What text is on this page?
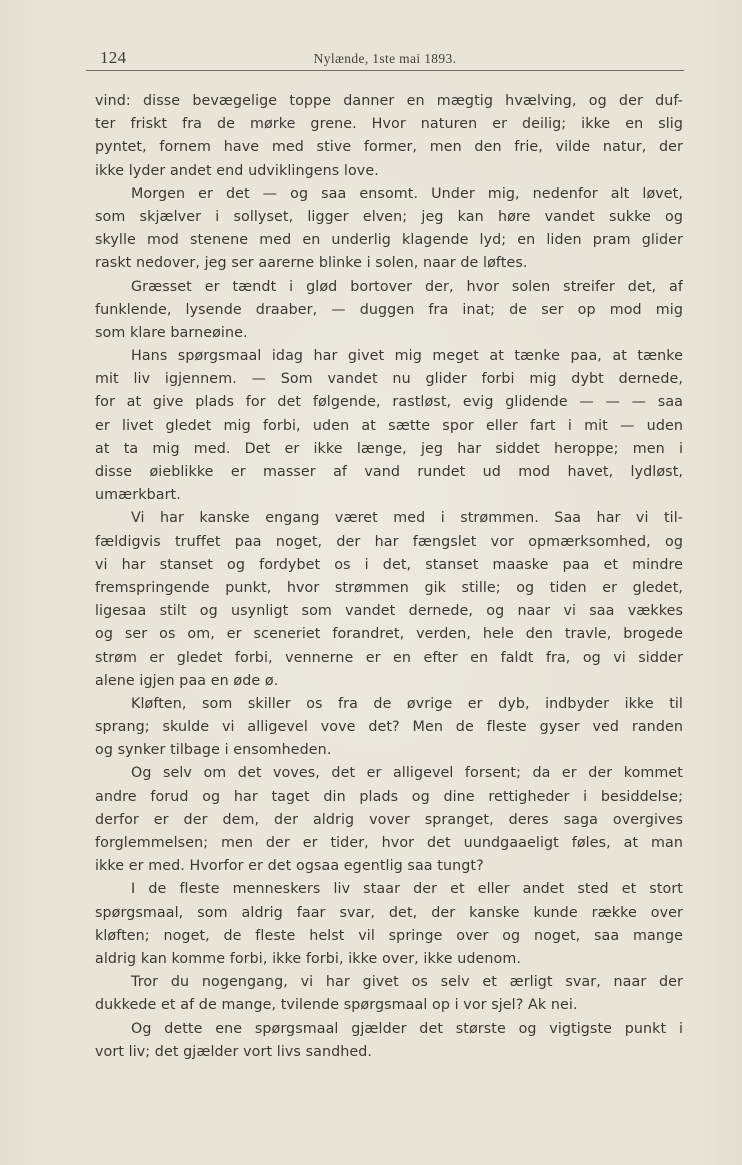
124	Nylænde, 1ste mai 1893.
vind: disse bevægelige toppe danner en mægtig hvælving, og der duf-
ter friskt fra de mørke grene. Hvor naturen er deilig; ikke en slig
pyntet, fornem have med stive former, men den frie, vilde natur, der
ikke lyder andet end udviklingens love.
Morgen er det — og saa ensomt. Under mig, nedenfor alt løvet,
som skjælver i sollyset, ligger elven; jeg kan høre vandet sukke og
skylle mod stenene med en underlig klagende lyd; en liden pram glider
raskt nedover, jeg ser aarerne blinke i solen, naar de løftes.
Græsset er tændt i glød bortover der, hvor solen streifer det, af
funklende, lysende draaber, — duggen fra inat; de ser op mod mig
som klare barneøine.
Hans spørgsmaal idag har givet mig meget at tænke paa, at tænke
mit liv igjennem. — Som vandet nu glider forbi mig dybt dernede,
for at give plads for det følgende, rastløst, evig glidende — — — saa
er livet gledet mig forbi, uden at sætte spor eller fart i mit — uden
at ta mig med. Det er ikke længe, jeg har siddet heroppe; men i
disse øieblikke er masser af vand rundet ud mod havet, lydløst,
umærkbart.
Vi har kanske engang været med i strømmen. Saa har vi til-
fældigvis truffet paa noget, der har fængslet vor opmærksomhed, og
vi har stanset og fordybet os i det, stanset maaske paa et mindre
fremspringende punkt, hvor strømmen gik stille; og tiden er gledet,
ligesaa stilt og usynligt som vandet dernede, og naar vi saa vækkes
og ser os om, er sceneriet forandret, verden, hele den travle, brogede
strøm er gledet forbi, vennerne er en efter en faldt fra, og vi sidder
alene igjen paa en øde ø.
Kløften, som skiller os fra de øvrige er dyb, indbyder ikke til
sprang; skulde vi alligevel vove det? Men de fleste gyser ved randen
og synker tilbage i ensomheden.
Og selv om det voves, det er alligevel forsent; da er der kommet
andre forud og har taget din plads og dine rettigheder i besiddelse;
derfor er der dem, der aldrig vover spranget, deres saga overgives
forglemmelsen; men der er tider, hvor det uundgaaeligt føles, at man
ikke er med. Hvorfor er det ogsaa egentlig saa tungt?
I de fleste menneskers liv staar der et eller andet sted et stort
spørgsmaal, som aldrig faar svar, det, der kanske kunde række over
kløften; noget, de fleste helst vil springe over og noget, saa mange
aldrig kan komme forbi, ikke forbi, ikke over, ikke udenom.
Tror du nogengang, vi har givet os selv et ærligt svar, naar der
dukkede et af de mange, tvilende spørgsmaal op i vor sjel? Ak nei.
Og dette ene spørgsmaal gjælder det største og vigtigste punkt i
vort liv; det gjælder vort livs sandhed.
